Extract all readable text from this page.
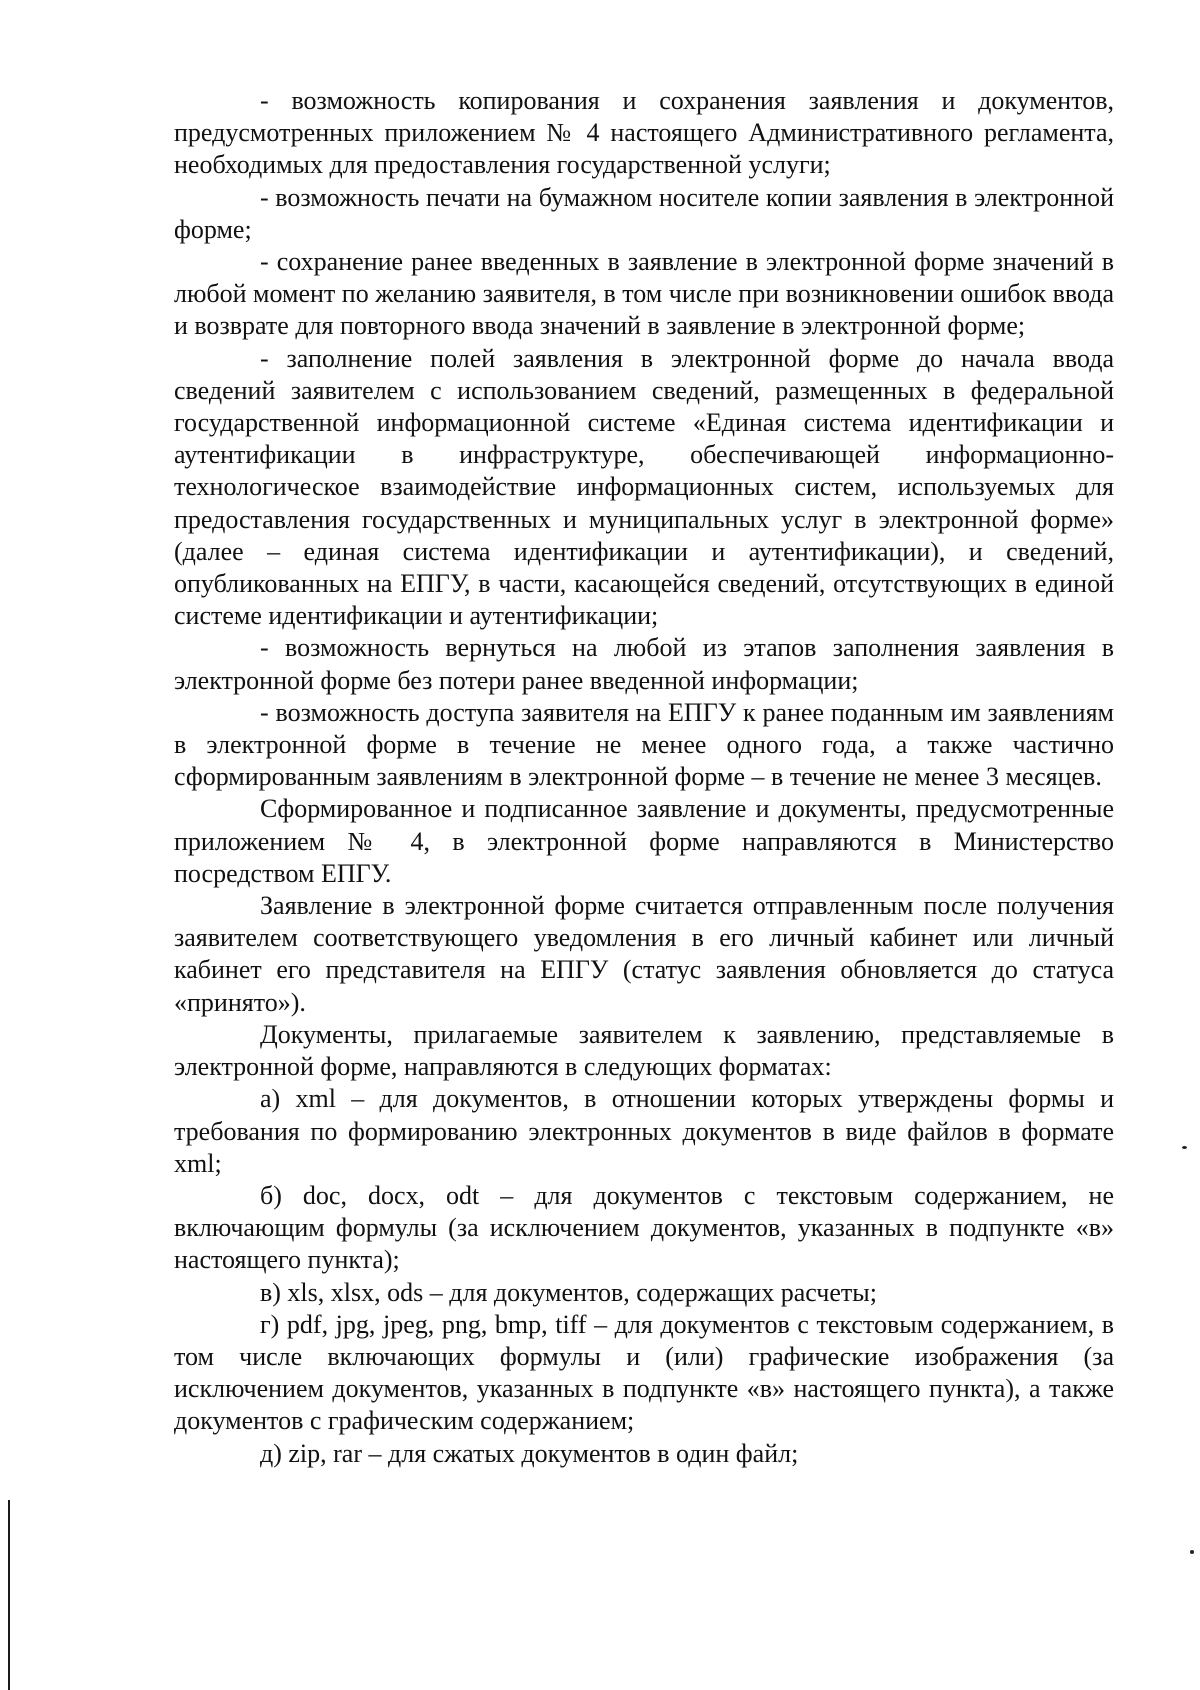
- возможность копирования и сохранения заявления и документов, предусмотренных приложением № 4 настоящего Административного регламента, необходимых для предоставления государственной услуги;

- возможность печати на бумажном носителе копии заявления в электронной форме;

- сохранение ранее введенных в заявление в электронной форме значений в любой момент по желанию заявителя, в том числе при возникновении ошибок ввода и возврате для повторного ввода значений в заявление в электронной форме;

- заполнение полей заявления в электронной форме до начала ввода сведений заявителем с использованием сведений, размещенных в федеральной государственной информационной системе «Единая система идентификации и аутентификации в инфраструктуре, обеспечивающей информационно-технологическое взаимодействие информационных систем, используемых для предоставления государственных и муниципальных услуг в электронной форме» (далее – единая система идентификации и аутентификации), и сведений, опубликованных на ЕПГУ, в части, касающейся сведений, отсутствующих в единой системе идентификации и аутентификации;

- возможность вернуться на любой из этапов заполнения заявления в электронной форме без потери ранее введенной информации;

- возможность доступа заявителя на ЕПГУ к ранее поданным им заявлениям в электронной форме в течение не менее одного года, а также частично сформированным заявлениям в электронной форме – в течение не менее 3 месяцев.

Сформированное и подписанное заявление и документы, предусмотренные приложением № 4, в электронной форме направляются в Министерство посредством ЕПГУ.

Заявление в электронной форме считается отправленным после получения заявителем соответствующего уведомления в его личный кабинет или личный кабинет его представителя на ЕПГУ (статус заявления обновляется до статуса «принято»).

Документы, прилагаемые заявителем к заявлению, представляемые в электронной форме, направляются в следующих форматах:

а) xml – для документов, в отношении которых утверждены формы и требования по формированию электронных документов в виде файлов в формате xml;

б) doc, docx, odt – для документов с текстовым содержанием, не включающим формулы (за исключением документов, указанных в подпункте «в» настоящего пункта);

в) xls, xlsx, ods – для документов, содержащих расчеты;

г) pdf, jpg, jpeg, png, bmp, tiff – для документов с текстовым содержанием, в том числе включающих формулы и (или) графические изображения (за исключением документов, указанных в подпункте «в» настоящего пункта), а также документов с графическим содержанием;

д) zip, rar – для сжатых документов в один файл;
